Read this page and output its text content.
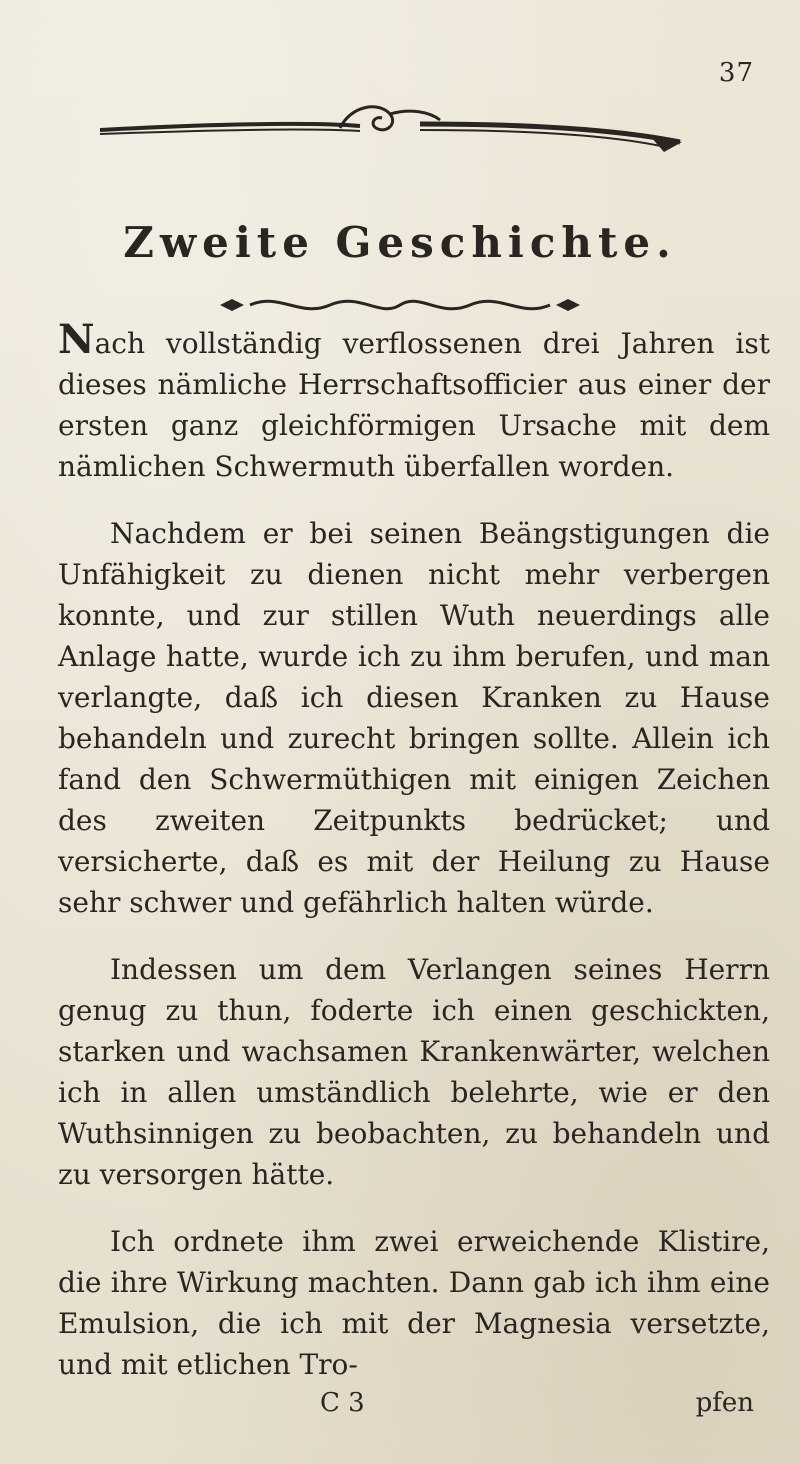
37
Zweite Geschichte.

Nach vollständig verflossenen drei Jahren ist dieses nämliche Herrschaftsofficier aus einer der ersten ganz gleichförmigen Ursache mit dem nämlichen Schwermuth überfallen worden.

Nachdem er bei seinen Beängstigungen die Unfähigkeit zu dienen nicht mehr verbergen konnte, und zur stillen Wuth neuerdings alle Anlage hatte, wurde ich zu ihm berufen, und man verlangte, daß ich diesen Kranken zu Hause behandeln und zurecht bringen sollte. Allein ich fand den Schwermüthigen mit einigen Zeichen des zweiten Zeitpunkts bedrücket; und versicherte, daß es mit der Heilung zu Hause sehr schwer und gefährlich halten würde.

Indessen um dem Verlangen seines Herrn genug zu thun, foderte ich einen geschickten, starken und wachsamen Krankenwärter, welchen ich in allen umständlich belehrte, wie er den Wuthsinnigen zu beobachten, zu behandeln und zu versorgen hätte.

Ich ordnete ihm zwei erweichende Klistire, die ihre Wirkung machten. Dann gab ich ihm eine Emulsion, die ich mit der Magnesia versetzte, und mit etlichen Tro-

C 3	pfen
